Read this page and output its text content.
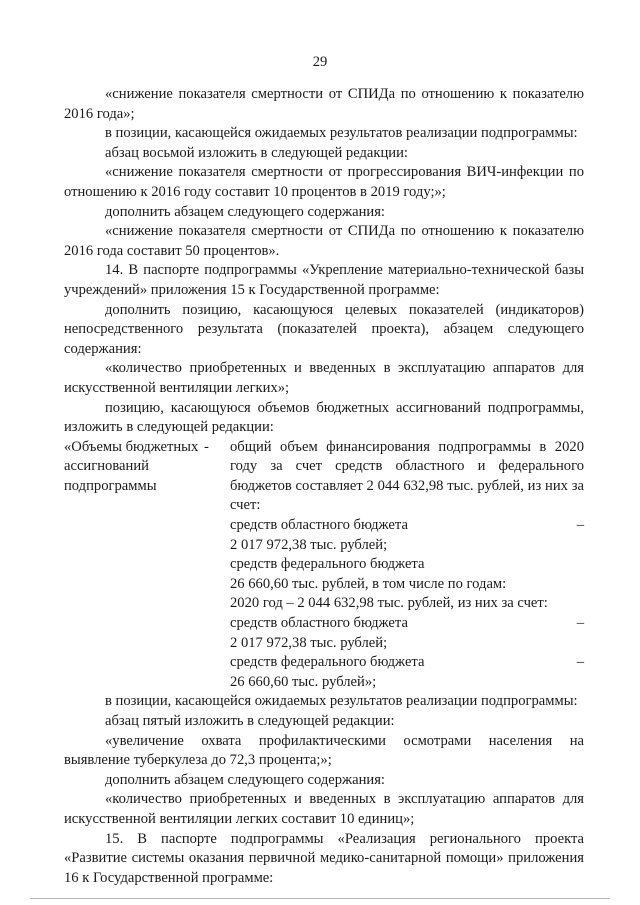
29
«снижение показателя смертности от СПИДа по отношению к показателю 2016 года»;
в позиции, касающейся ожидаемых результатов реализации подпрограммы:
абзац восьмой изложить в следующей редакции:
«снижение показателя смертности от прогрессирования ВИЧ-инфекции по отношению к 2016 году составит 10 процентов в 2019 году;»;
дополнить абзацем следующего содержания:
«снижение показателя смертности от СПИДа по отношению к показателю 2016 года составит 50 процентов».
14. В паспорте подпрограммы «Укрепление материально-технической базы учреждений» приложения 15 к Государственной программе:
дополнить позицию, касающуюся целевых показателей (индикаторов) непосредственного результата (показателей проекта), абзацем следующего содержания:
«количество приобретенных и введенных в эксплуатацию аппаратов для искусственной вентиляции легких»;
позицию, касающуюся объемов бюджетных ассигнований подпрограммы, изложить в следующей редакции:
«Объемы бюджетных ассигнований подпрограммы
-	общий объем финансирования подпрограммы в 2020 году за счет средств областного и федерального бюджетов составляет 2 044 632,98 тыс. рублей, из них за счет:
средств областного бюджета	–
2 017 972,38 тыс. рублей;
средств федерального бюджета
26 660,60 тыс. рублей, в том числе по годам:
2020 год – 2 044 632,98 тыс. рублей, из них за счет:
средств областного бюджета	–
2 017 972,38 тыс. рублей;
средств федерального бюджета	–
26 660,60 тыс. рублей»;
в позиции, касающейся ожидаемых результатов реализации подпрограммы:
абзац пятый изложить в следующей редакции:
«увеличение охвата профилактическими осмотрами населения на выявление туберкулеза до 72,3 процента;»;
дополнить абзацем следующего содержания:
«количество приобретенных и введенных в эксплуатацию аппаратов для искусственной вентиляции легких составит 10 единиц»;
15. В паспорте подпрограммы «Реализация регионального проекта «Развитие системы оказания первичной медико-санитарной помощи» приложения 16 к Государственной программе:
